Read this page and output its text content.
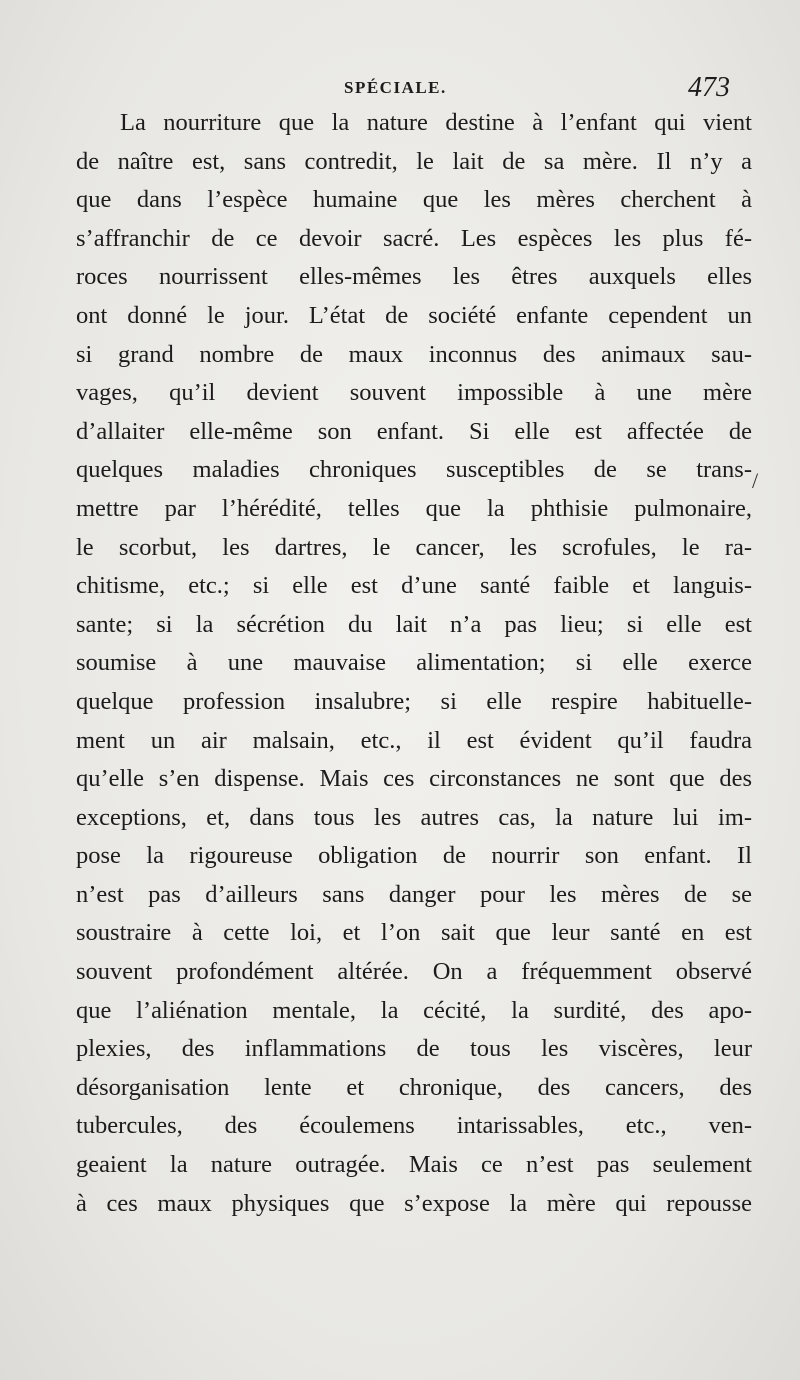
SPÉCIALE.	473
La nourriture que la nature destine à l’enfant qui vient
de naître est, sans contredit, le lait de sa mère. Il n’y a
que dans l’espèce humaine que les mères cherchent à
s’affranchir de ce devoir sacré. Les espèces les plus fé-
roces nourrissent elles-mêmes les êtres auxquels elles
ont donné le jour. L’état de société enfante cependent un
si grand nombre de maux inconnus des animaux sau-
vages, qu’il devient souvent impossible à une mère
d’allaiter elle-même son enfant. Si elle est affectée de
quelques maladies chroniques susceptibles de se trans-
mettre par l’hérédité, telles que la phthisie pulmonaire,
le scorbut, les dartres, le cancer, les scrofules, le ra-
chitisme, etc.; si elle est d’une santé faible et languis-
sante; si la sécrétion du lait n’a pas lieu; si elle est
soumise à une mauvaise alimentation; si elle exerce
quelque profession insalubre; si elle respire habituelle-
ment un air malsain, etc., il est évident qu’il faudra
qu’elle s’en dispense. Mais ces circonstances ne sont que des
exceptions, et, dans tous les autres cas, la nature lui im-
pose la rigoureuse obligation de nourrir son enfant. Il
n’est pas d’ailleurs sans danger pour les mères de se
soustraire à cette loi, et l’on sait que leur santé en est
souvent profondément altérée. On a fréquemment observé
que l’aliénation mentale, la cécité, la surdité, des apo-
plexies, des inflammations de tous les viscères, leur
désorganisation lente et chronique, des cancers, des
tubercules, des écoulemens intarissables, etc., ven-
geaient la nature outragée. Mais ce n’est pas seulement
à ces maux physiques que s’expose la mère qui repousse
/
